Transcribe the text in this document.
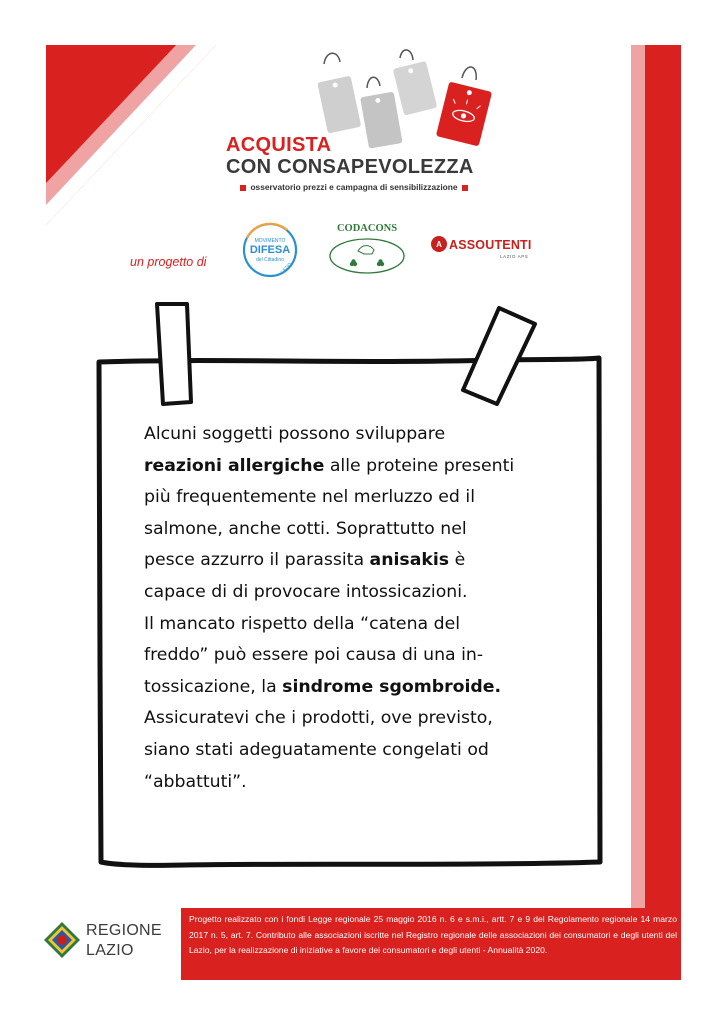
ACQUISTA
CON CONSAPEVOLEZZA
osservatorio prezzi e campagna di sensibilizzazione
un progetto di
MOVIMENTO
DIFESA
del Cittadino
LAZIO
CODACONS
A ASSOUTENTI
LAZIO APS

Alcuni soggetti possono sviluppare

reazioni allergiche alle proteine presenti

più frequentemente nel merluzzo ed il

salmone, anche cotti. Soprattutto nel

pesce azzurro il parassita anisakis è

capace di di provocare intossicazioni.

Il mancato rispetto della “catena del

freddo” può essere poi causa di una in-

tossicazione, la sindrome sgombroide.

Assicuratevi che i prodotti, ove previsto,

siano stati adeguatamente congelati od

“abbattuti”.

REGIONE
LAZIO
Progetto realizzato con i fondi Legge regionale 25 maggio 2016 n. 6 e s.m.i., artt. 7 e 9 del Regolamento regionale 14 marzo 2017 n. 5, art. 7. Contributo alle associazioni iscritte nel Registro regionale delle associazioni dei consumatori e degli utenti del Lazio, per la realizzazione di iniziative a favore dei consumatori e degli utenti - Annualità 2020.
